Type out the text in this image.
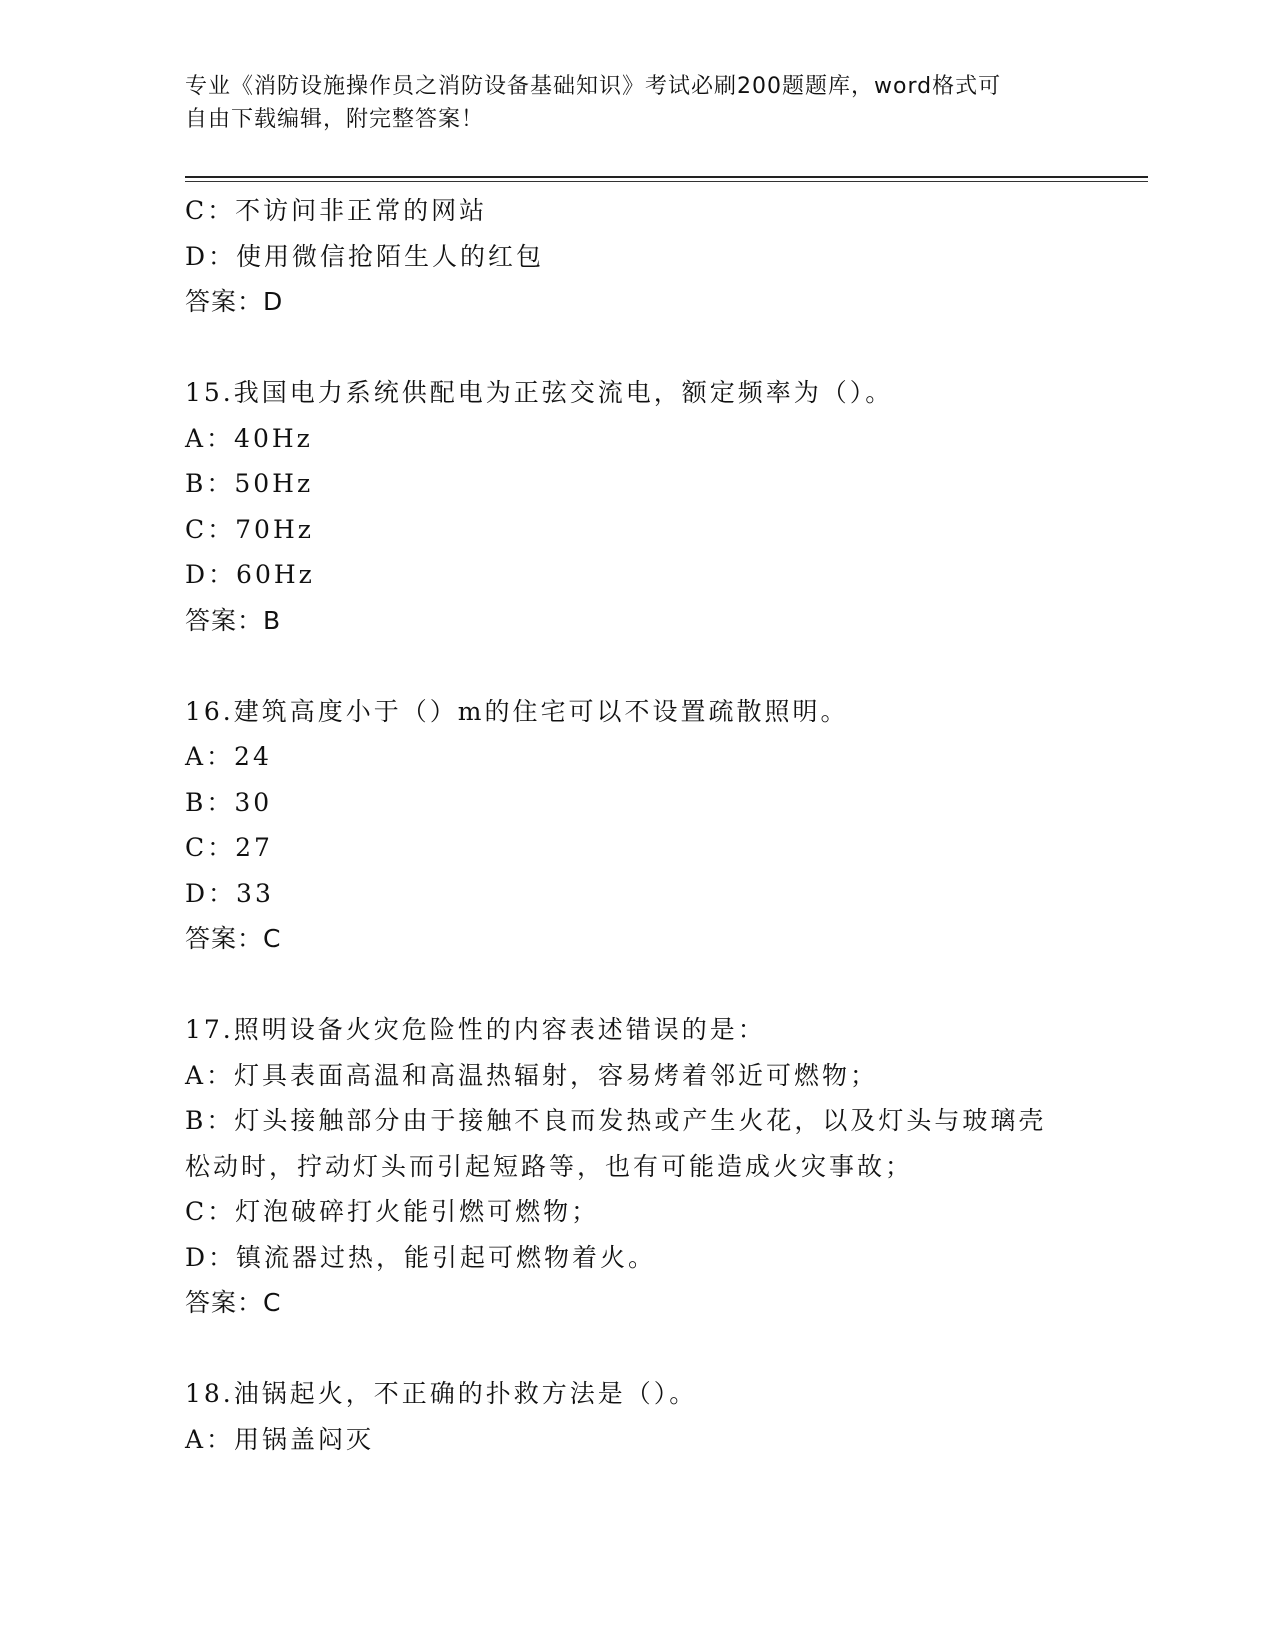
专业《消防设施操作员之消防设备基础知识》考试必刷200题题库，word格式可
自由下载编辑，附完整答案！
C：不访问非正常的网站
D：使用微信抢陌生人的红包
答案：D
15.我国电力系统供配电为正弦交流电，额定频率为（）。
A：40Hz
B：50Hz
C：70Hz
D：60Hz
答案：B
16.建筑高度小于（）m的住宅可以不设置疏散照明。
A：24
B：30
C：27
D：33
答案：C
17.照明设备火灾危险性的内容表述错误的是：
A：灯具表面高温和高温热辐射，容易烤着邻近可燃物；
B：灯头接触部分由于接触不良而发热或产生火花，以及灯头与玻璃壳
松动时，拧动灯头而引起短路等，也有可能造成火灾事故；
C：灯泡破碎打火能引燃可燃物；
D：镇流器过热，能引起可燃物着火。
答案：C
18.油锅起火，不正确的扑救方法是（）。
A：用锅盖闷灭
